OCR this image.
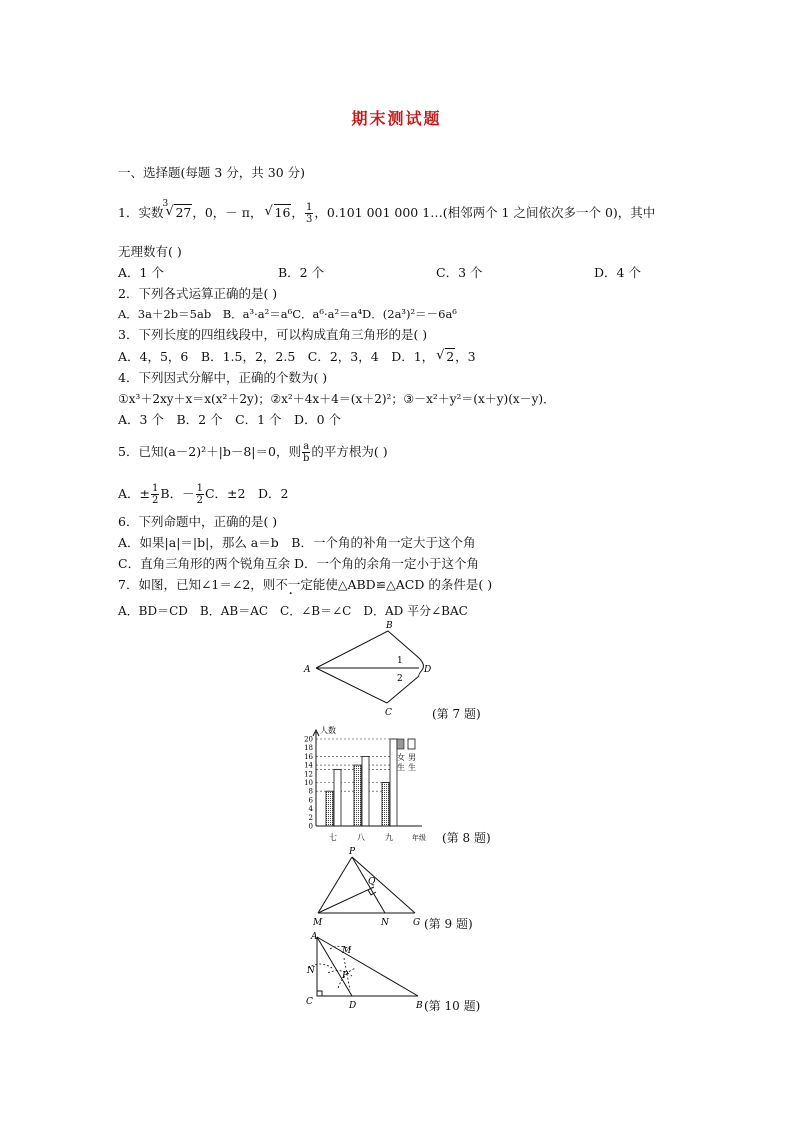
期末测试题
一、选择题(每题 3 分，共 30 分)
1．实数
3
√ 27，0，－ π， √ 16， $\frac{1}{3}$ ，0.101 001 000 1…(相邻两个 1 之间依次多一个 0)，其中
无理数有( )
A．1 个	B．2 个	C．3 个	D．4 个
2．下列各式运算正确的是( )
A．3a＋2b＝5ab　B．a³·a²＝a⁶C．a⁶·a²＝a⁴D．(2a³)²＝－6a⁶
3．下列长度的四组线段中，可以构成直角三角形的是( )
A．4，5，6　B．1.5，2，2.5　C．2，3，4　D．1， √ 2，3
4．下列因式分解中，正确的个数为( )
①x³＋2xy＋x＝x(x²＋2y)；②x²＋4x＋4＝(x＋2)²；③－x²＋y²＝(x＋y)(x－y)．
A．3 个　B．2 个　C．1 个　D．0 个
5．已知(a－2)²＋|b－8|＝0，则 $\frac{a}{b}$ 的平方根为( )
A．± $\frac{1}{2}$ B．－ $\frac{1}{2}$ C．±2　D．2
6．下列命题中，正确的是( )
A．如果|a|＝|b|，那么 a＝b　B．一个角的补角一定大于这个角
C．直角三角形的两个锐角互余 D．一个角的余角一定小于这个角
7．如图，已知∠1＝∠2，则不一定能使△ABD≌△ACD 的条件是( )
A．BD＝CD　B．AB＝AC　C．∠B＝∠C　D．AD 平分∠BAC
A
B
C
D
1
2
(第 7 题)
0
2
4
6
8
10
12
14
16
18
20
七	八	九
人数
年级
女生
男生
(第 8 题)
P
Q
M	N	G (第 9 题)
A
M
N	P
C	D	B (第 10 题)
